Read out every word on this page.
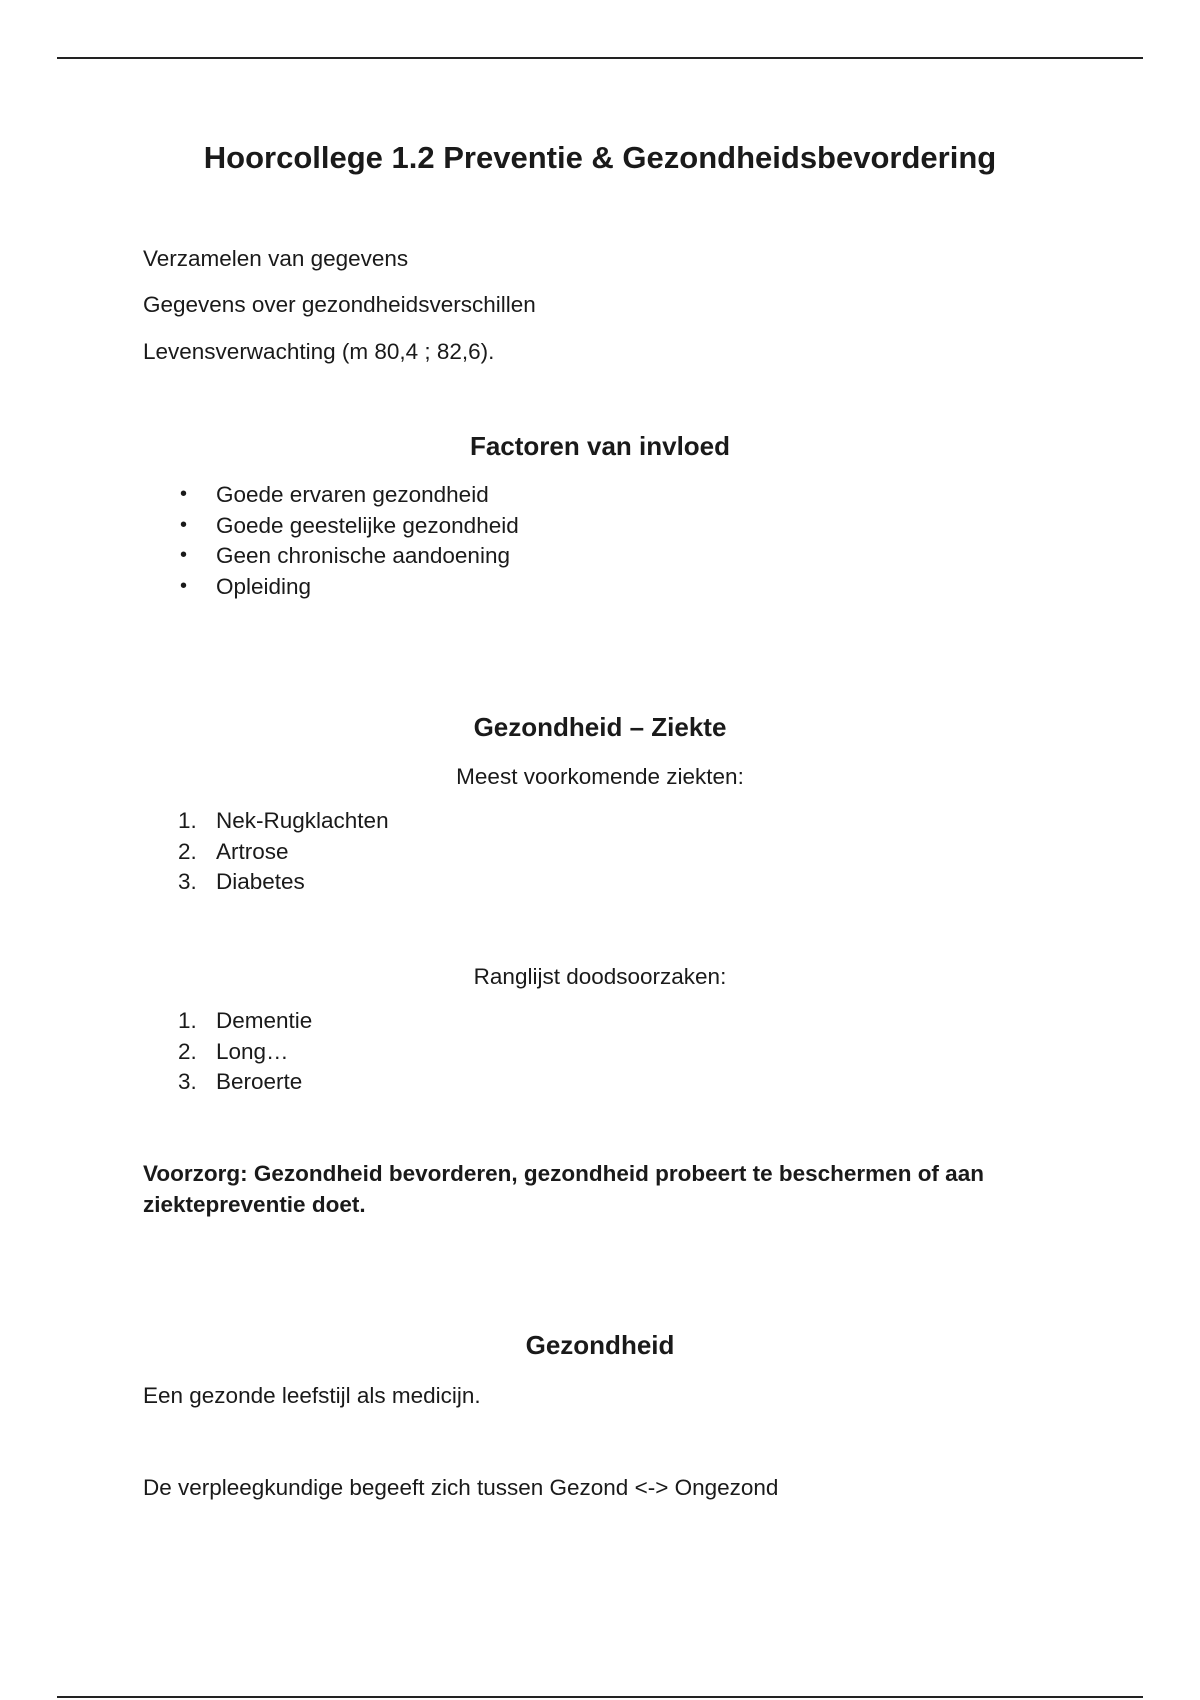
Hoorcollege 1.2 Preventie & Gezondheidsbevordering

Verzamelen van gegevens

Gegevens over gezondheidsverschillen

Levensverwachting (m 80,4 ; 82,6).

Factoren van invloed
• Goede ervaren gezondheid
• Goede geestelijke gezondheid
• Geen chronische aandoening
• Opleiding
Gezondheid – Ziekte

Meest voorkomende ziekten:

1. Nek-Rugklachten
2. Artrose
3. Diabetes

Ranglijst doodsoorzaken:

1. Dementie
2. Long…
3. Beroerte

Voorzorg: Gezondheid bevorderen, gezondheid probeert te beschermen of aan ziektepreventie doet.

Gezondheid

Een gezonde leefstijl als medicijn.

De verpleegkundige begeeft zich tussen Gezond <-> Ongezond
